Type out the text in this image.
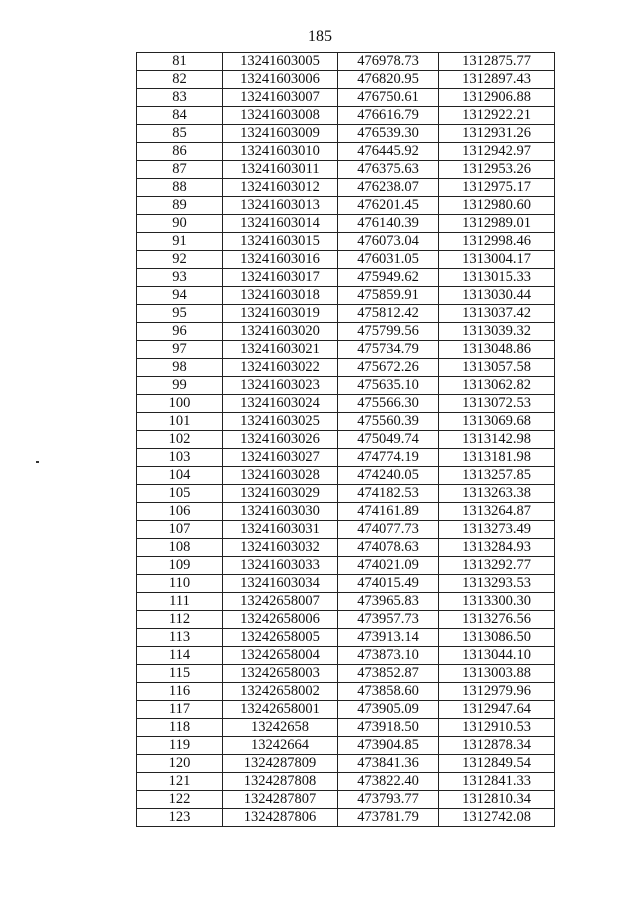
185
81	13241603005	476978.73	1312875.77
82	13241603006	476820.95	1312897.43
83	13241603007	476750.61	1312906.88
84	13241603008	476616.79	1312922.21
85	13241603009	476539.30	1312931.26
86	13241603010	476445.92	1312942.97
87	13241603011	476375.63	1312953.26
88	13241603012	476238.07	1312975.17
89	13241603013	476201.45	1312980.60
90	13241603014	476140.39	1312989.01
91	13241603015	476073.04	1312998.46
92	13241603016	476031.05	1313004.17
93	13241603017	475949.62	1313015.33
94	13241603018	475859.91	1313030.44
95	13241603019	475812.42	1313037.42
96	13241603020	475799.56	1313039.32
97	13241603021	475734.79	1313048.86
98	13241603022	475672.26	1313057.58
99	13241603023	475635.10	1313062.82
100	13241603024	475566.30	1313072.53
101	13241603025	475560.39	1313069.68
102	13241603026	475049.74	1313142.98
103	13241603027	474774.19	1313181.98
104	13241603028	474240.05	1313257.85
105	13241603029	474182.53	1313263.38
106	13241603030	474161.89	1313264.87
107	13241603031	474077.73	1313273.49
108	13241603032	474078.63	1313284.93
109	13241603033	474021.09	1313292.77
110	13241603034	474015.49	1313293.53
111	13242658007	473965.83	1313300.30
112	13242658006	473957.73	1313276.56
113	13242658005	473913.14	1313086.50
114	13242658004	473873.10	1313044.10
115	13242658003	473852.87	1313003.88
116	13242658002	473858.60	1312979.96
117	13242658001	473905.09	1312947.64
118	13242658	473918.50	1312910.53
119	13242664	473904.85	1312878.34
120	1324287809	473841.36	1312849.54
121	1324287808	473822.40	1312841.33
122	1324287807	473793.77	1312810.34
123	1324287806	473781.79	1312742.08
